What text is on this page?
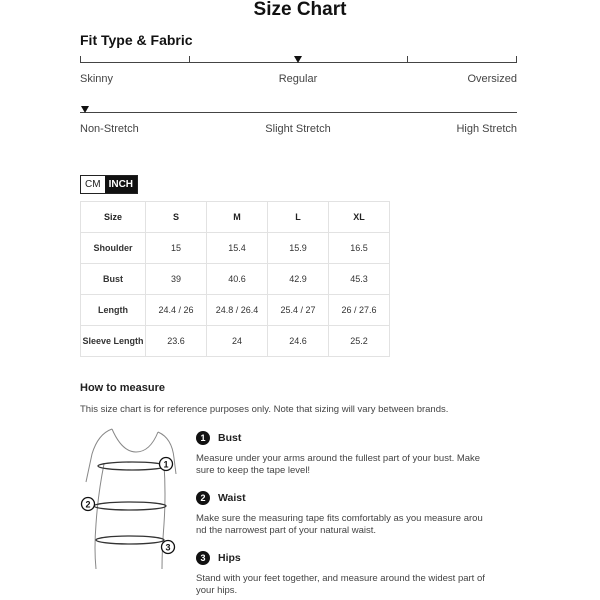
Size Chart
Fit Type & Fabric
Skinny	Regular	Oversized
Non-Stretch	Slight Stretch	High Stretch
CM INCH
Size	S	M	L	XL
Shoulder	15	15.4	15.9	16.5
Bust	39	40.6	42.9	45.3
Length	24.4 / 26	24.8 / 26.4	25.4 / 27	26 / 27.6
Sleeve Length	23.6	24	24.6	25.2
How to measure
This size chart is for reference purposes only. Note that sizing will vary between brands.
1
2
3
1	Bust
Measure under your arms around the fullest part of your bust. Make sure to keep the tape level!
2	Waist
Make sure the measuring tape fits comfortably as you measure around the narrowest part of your natural waist.
3	Hips
Stand with your feet together, and measure around the widest part of your hips.
